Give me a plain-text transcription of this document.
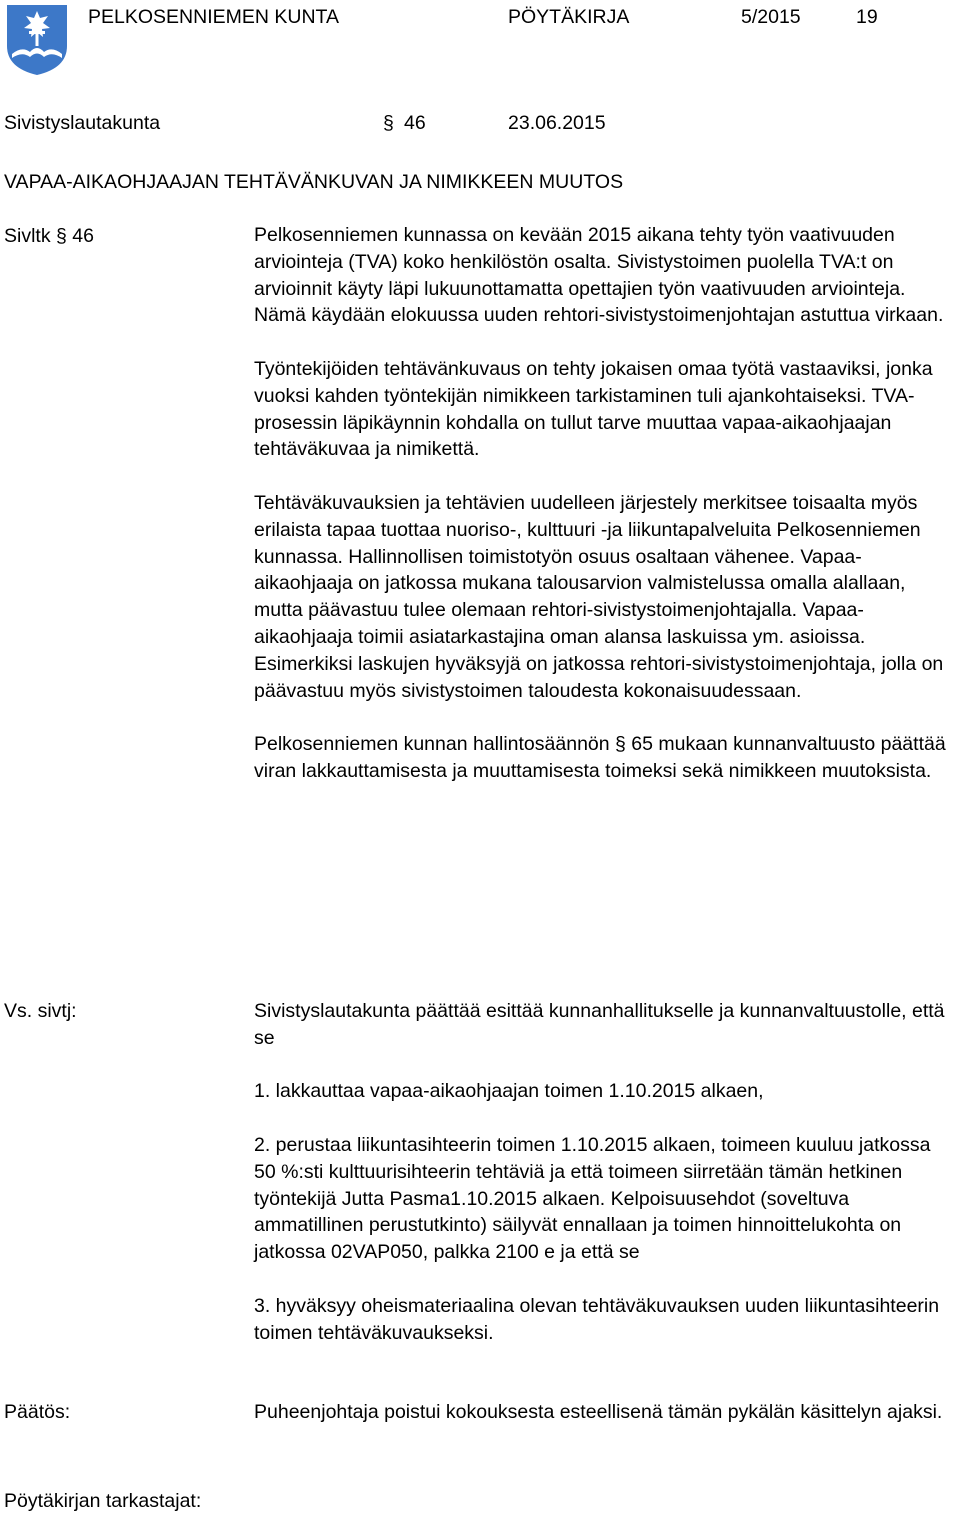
PELKOSENNIEMEN KUNTA	PÖYTÄKIRJA	5/2015	19
Sivistyslautakunta	§ 46	23.06.2015
VAPAA-AIKAOHJAAJAN TEHTÄVÄNKUVAN JA NIMIKKEEN MUUTOS
Sivltk § 46	Pelkosenniemen kunnassa on kevään 2015 aikana tehty työn vaativuuden arviointeja (TVA) koko henkilöstön osalta. Sivistystoimen puolella TVA:t on arvioinnit käyty läpi lukuunottamatta opettajien työn vaativuuden arviointeja. Nämä käydään elokuussa uuden rehtori-sivistystoimenjohtajan astuttua virkaan.

Työntekijöiden tehtävänkuvaus on tehty jokaisen omaa työtä vastaaviksi, jonka vuoksi kahden työntekijän nimikkeen tarkistaminen tuli ajankohtaiseksi. TVA-prosessin läpikäynnin kohdalla on tullut tarve muuttaa vapaa-aikaohjaajan tehtäväkuvaa ja nimikettä.

Tehtäväkuvauksien ja tehtävien uudelleen järjestely merkitsee toisaalta myös erilaista tapaa tuottaa nuoriso-, kulttuuri -ja liikuntapalveluita Pelkosenniemen kunnassa. Hallinnollisen toimistotyön osuus osaltaan vähenee. Vapaa-aikaohjaaja on jatkossa mukana talousarvion valmistelussa omalla alallaan, mutta päävastuu tulee olemaan rehtori-sivistystoimenjohtajalla. Vapaa-aikaohjaaja toimii asiatarkastajina oman alansa laskuissa ym. asioissa. Esimerkiksi laskujen hyväksyjä on jatkossa rehtori-sivistystoimenjohtaja, jolla on päävastuu myös sivistystoimen taloudesta kokonaisuudessaan.

Pelkosenniemen kunnan hallintosäännön § 65 mukaan kunnanvaltuusto päättää viran lakkauttamisesta ja muuttamisesta toimeksi sekä nimikkeen muutoksista.

Vs. sivtj:	Sivistyslautakunta päättää esittää kunnanhallitukselle ja kunnanvaltuustolle, että se

1. lakkauttaa vapaa-aikaohjaajan toimen 1.10.2015 alkaen,

2. perustaa liikuntasihteerin toimen 1.10.2015 alkaen, toimeen kuuluu jatkossa 50 %:sti kulttuurisihteerin tehtäviä ja että toimeen siirretään tämän hetkinen työntekijä Jutta Pasma1.10.2015 alkaen. Kelpoisuusehdot (soveltuva ammatillinen perustutkinto) säilyvät ennallaan ja toimen hinnoittelukohta on jatkossa 02VAP050, palkka 2100 e ja että se

3. hyväksyy oheismateriaalina olevan tehtäväkuvauksen uuden liikuntasihteerin toimen tehtäväkuvaukseksi.

Päätös:	Puheenjohtaja poistui kokouksesta esteellisenä tämän pykälän käsittelyn ajaksi.

Pöytäkirjan tarkastajat:
